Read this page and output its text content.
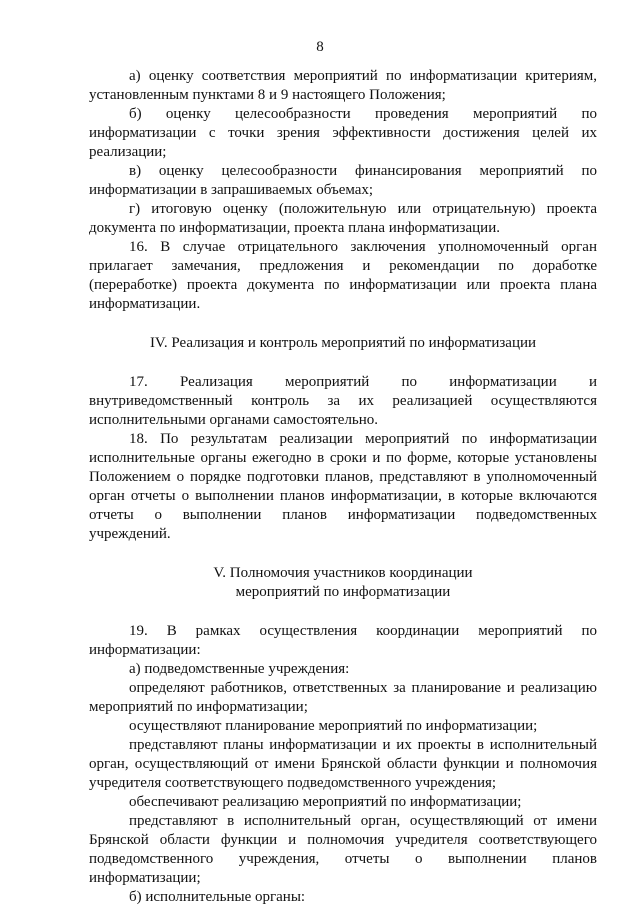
8

а) оценку соответствия мероприятий по информатизации критериям, установленным пунктами 8 и 9 настоящего Положения;

б) оценку целесообразности проведения мероприятий по информатизации с точки зрения эффективности достижения целей их реализации;

в) оценку целесообразности финансирования мероприятий по информатизации в запрашиваемых объемах;

г) итоговую оценку (положительную или отрицательную) проекта документа по информатизации, проекта плана информатизации.

16. В случае отрицательного заключения уполномоченный орган прилагает замечания, предложения и рекомендации по доработке (переработке) проекта документа по информатизации или проекта плана информатизации.

IV. Реализация и контроль мероприятий по информатизации

17. Реализация мероприятий по информатизации и внутриведомственный контроль за их реализацией осуществляются исполнительными органами самостоятельно.

18. По результатам реализации мероприятий по информатизации исполнительные органы ежегодно в сроки и по форме, которые установлены Положением о порядке подготовки планов, представляют в уполномоченный орган отчеты о выполнении планов информатизации, в которые включаются отчеты о выполнении планов информатизации подведомственных учреждений.

V. Полномочия участников координации

мероприятий по информатизации

19. В рамках осуществления координации мероприятий по информатизации:

а) подведомственные учреждения:

определяют работников, ответственных за планирование и реализацию мероприятий по информатизации;

осуществляют планирование мероприятий по информатизации;

представляют планы информатизации и их проекты в исполнительный орган, осуществляющий от имени Брянской области функции и полномочия учредителя соответствующего подведомственного учреждения;

обеспечивают реализацию мероприятий по информатизации;

представляют в исполнительный орган, осуществляющий от имени Брянской области функции и полномочия учредителя соответствующего подведомственного учреждения, отчеты о выполнении планов информатизации;

б) исполнительные органы:
